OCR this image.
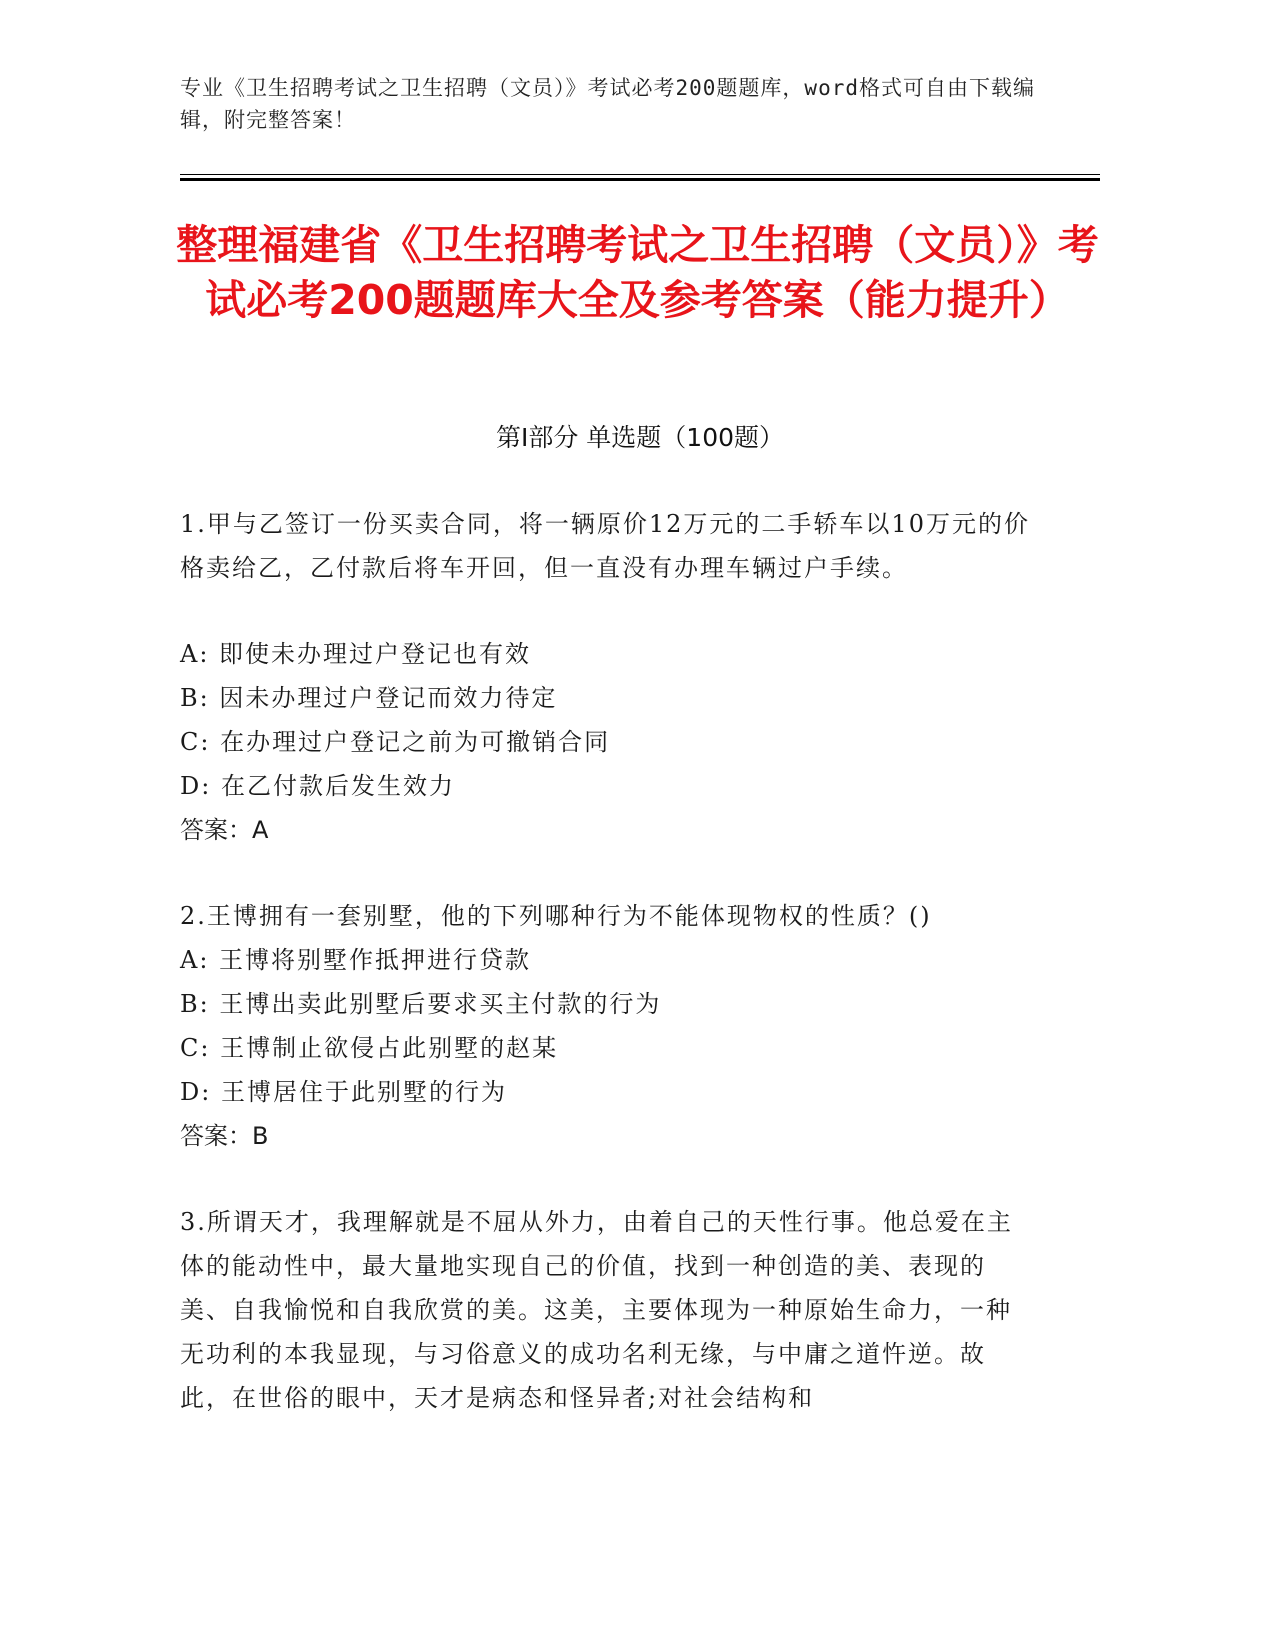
专业《卫生招聘考试之卫生招聘（文员）》考试必考200题题库，word格式可自由下载编辑，附完整答案！
整理福建省《卫生招聘考试之卫生招聘（文员）》考试必考200题题库大全及参考答案（能力提升）
第I部分 单选题（100题）
1.甲与乙签订一份买卖合同，将一辆原价12万元的二手轿车以10万元的价格卖给乙，乙付款后将车开回，但一直没有办理车辆过户手续。
A: 即使未办理过户登记也有效
B: 因未办理过户登记而效力待定
C: 在办理过户登记之前为可撤销合同
D: 在乙付款后发生效力
答案：A
2.王博拥有一套别墅，他的下列哪种行为不能体现物权的性质？()
A: 王博将别墅作抵押进行贷款
B: 王博出卖此别墅后要求买主付款的行为
C: 王博制止欲侵占此别墅的赵某
D: 王博居住于此别墅的行为
答案：B
3.所谓天才，我理解就是不屈从外力，由着自己的天性行事。他总爱在主体的能动性中，最大量地实现自己的价值，找到一种创造的美、表现的美、自我愉悦和自我欣赏的美。这美，主要体现为一种原始生命力，一种无功利的本我显现，与习俗意义的成功名利无缘，与中庸之道忤逆。故此，在世俗的眼中，天才是病态和怪异者;对社会结构和
